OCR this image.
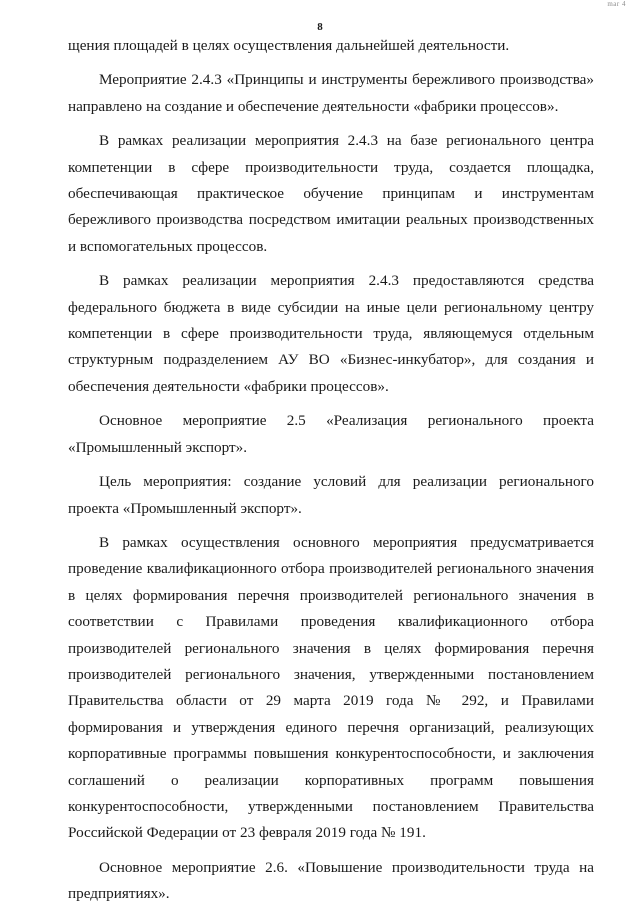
mar 4
8

щения площадей в целях осуществления дальнейшей деятельности.

Мероприятие 2.4.3 «Принципы и инструменты бережливого производства» направлено на создание и обеспечение деятельности «фабрики процессов».

В рамках реализации мероприятия 2.4.3 на базе регионального центра компетенции в сфере производительности труда, создается площадка, обеспечивающая практическое обучение принципам и инструментам бережливого производства посредством имитации реальных производственных и вспомогательных процессов.

В рамках реализации мероприятия 2.4.3 предоставляются средства федерального бюджета в виде субсидии на иные цели региональному центру компетенции в сфере производительности труда, являющемуся отдельным структурным подразделением АУ ВО «Бизнес-инкубатор», для создания и обеспечения деятельности «фабрики процессов».

Основное мероприятие 2.5 «Реализация регионального проекта «Промышленный экспорт».

Цель мероприятия: создание условий для реализации регионального проекта «Промышленный экспорт».

В рамках осуществления основного мероприятия предусматривается проведение квалификационного отбора производителей регионального значения в целях формирования перечня производителей регионального значения в соответствии с Правилами проведения квалификационного отбора производителей регионального значения в целях формирования перечня производителей регионального значения, утвержденными постановлением Правительства области от 29 марта 2019 года № 292, и Правилами формирования и утверждения единого перечня организаций, реализующих корпоративные программы повышения конкурентоспособности, и заключения соглашений о реализации корпоративных программ повышения конкурентоспособности, утвержденными постановлением Правительства Российской Федерации от 23 февраля 2019 года № 191.

Основное мероприятие 2.6. «Повышение производительности труда на предприятиях».
